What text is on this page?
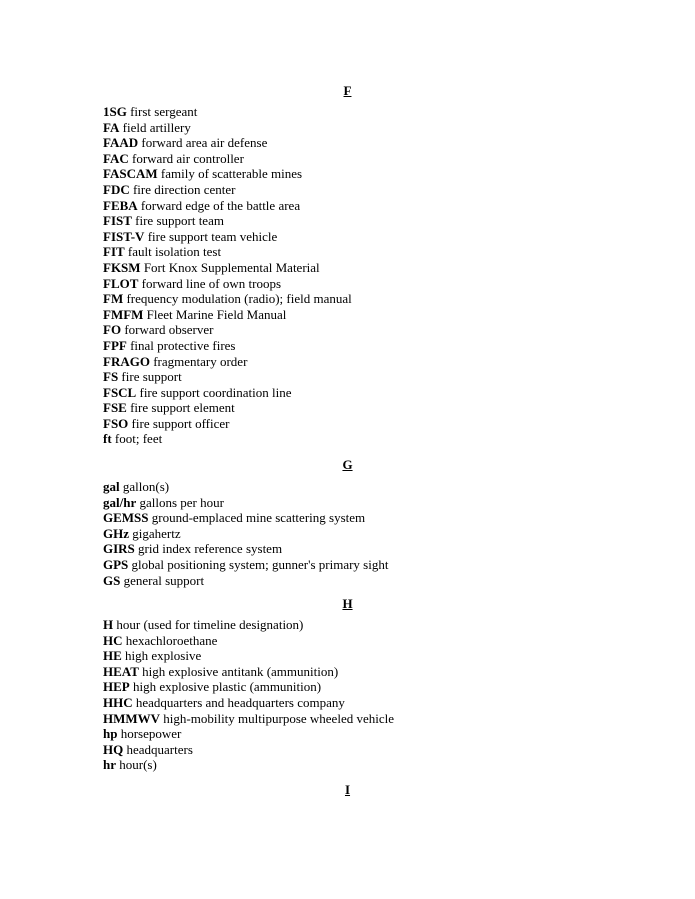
F
1SG first sergeant
FA field artillery
FAAD forward area air defense
FAC forward air controller
FASCAM family of scatterable mines
FDC fire direction center
FEBA forward edge of the battle area
FIST fire support team
FIST-V fire support team vehicle
FIT fault isolation test
FKSM Fort Knox Supplemental Material
FLOT forward line of own troops
FM frequency modulation (radio); field manual
FMFM Fleet Marine Field Manual
FO forward observer
FPF final protective fires
FRAGO fragmentary order
FS fire support
FSCL fire support coordination line
FSE fire support element
FSO fire support officer
ft foot; feet
G
gal gallon(s)
gal/hr gallons per hour
GEMSS ground-emplaced mine scattering system
GHz gigahertz
GIRS grid index reference system
GPS global positioning system; gunner's primary sight
GS general support
H
H hour (used for timeline designation)
HC hexachloroethane
HE high explosive
HEAT high explosive antitank (ammunition)
HEP high explosive plastic (ammunition)
HHC headquarters and headquarters company
HMMWV high-mobility multipurpose wheeled vehicle
hp horsepower
HQ headquarters
hr hour(s)
I
